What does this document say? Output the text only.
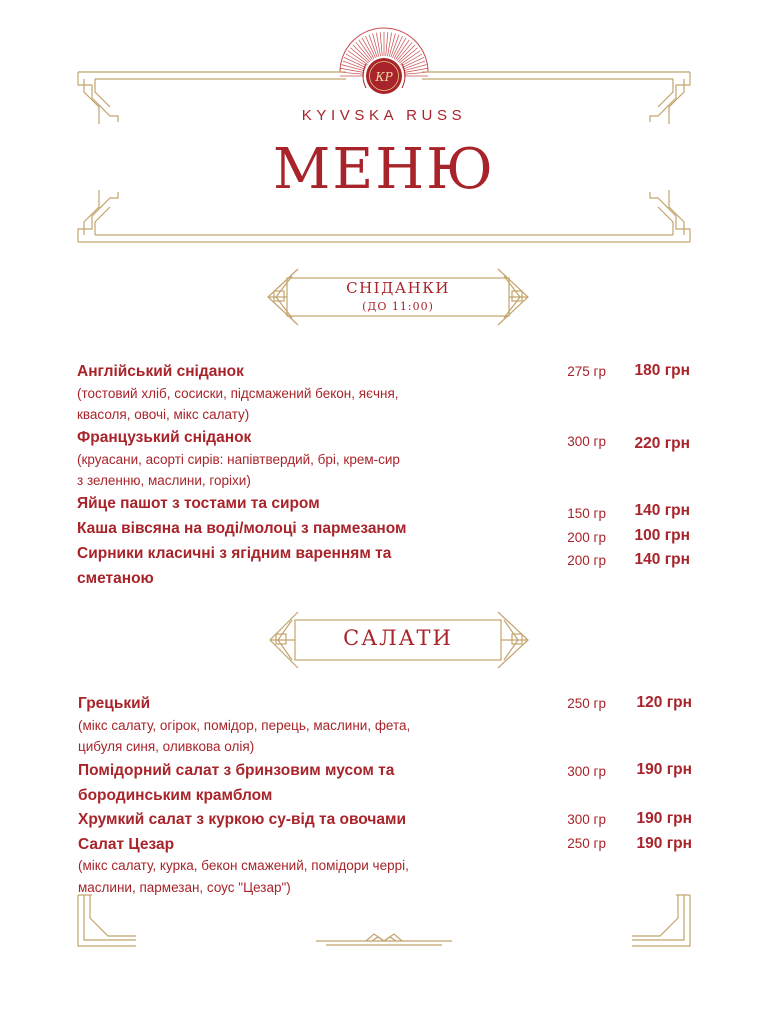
КР
KYIVSKA RUSS
МЕНЮ
СНІДАНКИ
(ДО 11:00)
Англійський сніданок
(тостовий хліб, сосиски, підсмажений бекон, яєчня,
квасоля, овочі, мікс салату)
275 гр	180 грн
Французький сніданок
(круасани, асорті сирів: напівтвердий, брі, крем-сир
з зеленню, маслини, горіхи)
300 гр	220 грн
Яйце пашот з тостами та сиром
150 гр	140 грн
Каша вівсяна на воді/молоці з пармезаном
200 гр	100 грн
Сирники класичні з ягідним варенням та
сметаною
200 гр	140 грн
САЛАТИ
Грецький
(мікс салату, огірок, помідор, перець, маслини, фета,
цибуля синя, оливкова олія)
250 гр	120 грн
Помідорний салат з бринзовим мусом та
бородинським крамблом
300 гр	190 грн
Хрумкий салат з куркою су-від та овочами	300 гр	190 грн
Салат Цезар
(мікс салату, курка, бекон смажений, помідори черрі,
маслини, пармезан, соус "Цезар")
250 гр	190 грн
